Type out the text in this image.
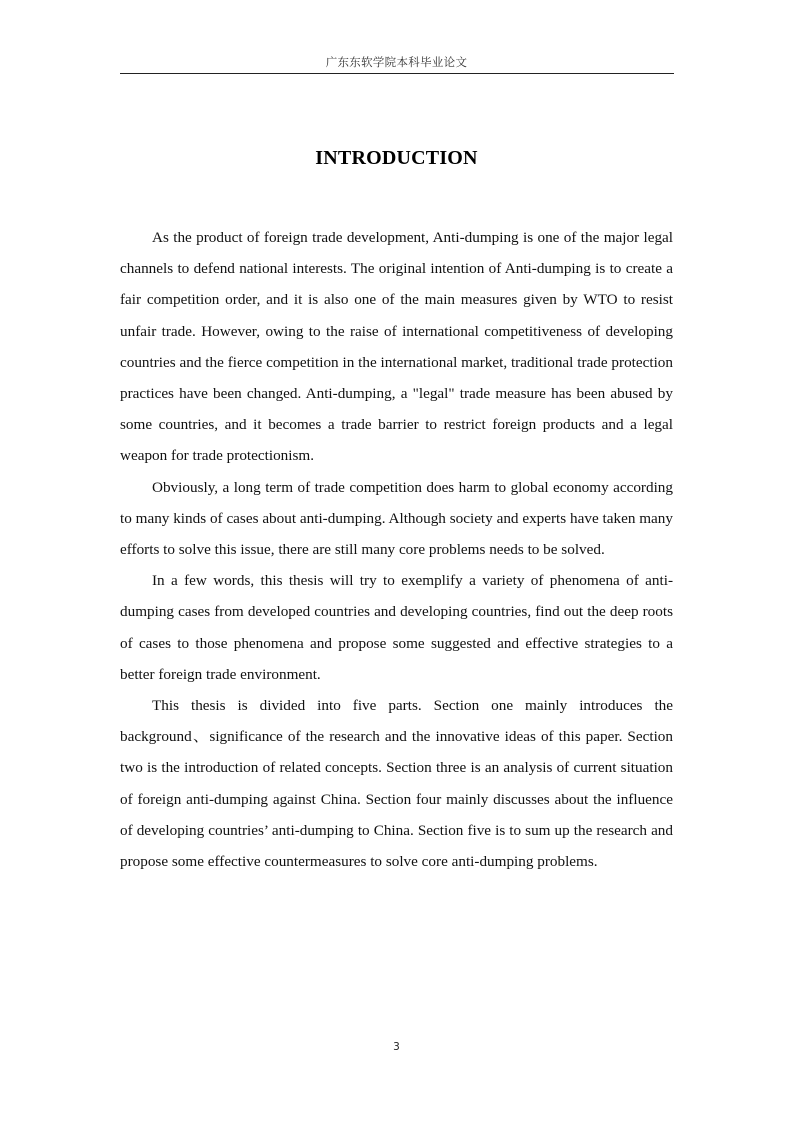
广东东软学院本科毕业论文
INTRODUCTION

As the product of foreign trade development, Anti-dumping is one of the major legal channels to defend national interests. The original intention of Anti-dumping is to create a fair competition order, and it is also one of the main measures given by WTO to resist unfair trade. However, owing to the raise of international competitiveness of developing countries and the fierce competition in the international market, traditional trade protection practices have been changed. Anti-dumping, a "legal" trade measure has been abused by some countries, and it becomes a trade barrier to restrict foreign products and a legal weapon for trade protectionism.

Obviously, a long term of trade competition does harm to global economy according to many kinds of cases about anti-dumping. Although society and experts have taken many efforts to solve this issue, there are still many core problems needs to be solved.

In a few words, this thesis will try to exemplify a variety of phenomena of anti-dumping cases from developed countries and developing countries, find out the deep roots of cases to those phenomena and propose some suggested and effective strategies to a better foreign trade environment.

This thesis is divided into five parts. Section one mainly introduces the background、significance of the research and the innovative ideas of this paper. Section two is the introduction of related concepts. Section three is an analysis of current situation of foreign anti-dumping against China. Section four mainly discusses about the influence of developing countries’ anti-dumping to China. Section five is to sum up the research and propose some effective countermeasures to solve core anti-dumping problems.

3
